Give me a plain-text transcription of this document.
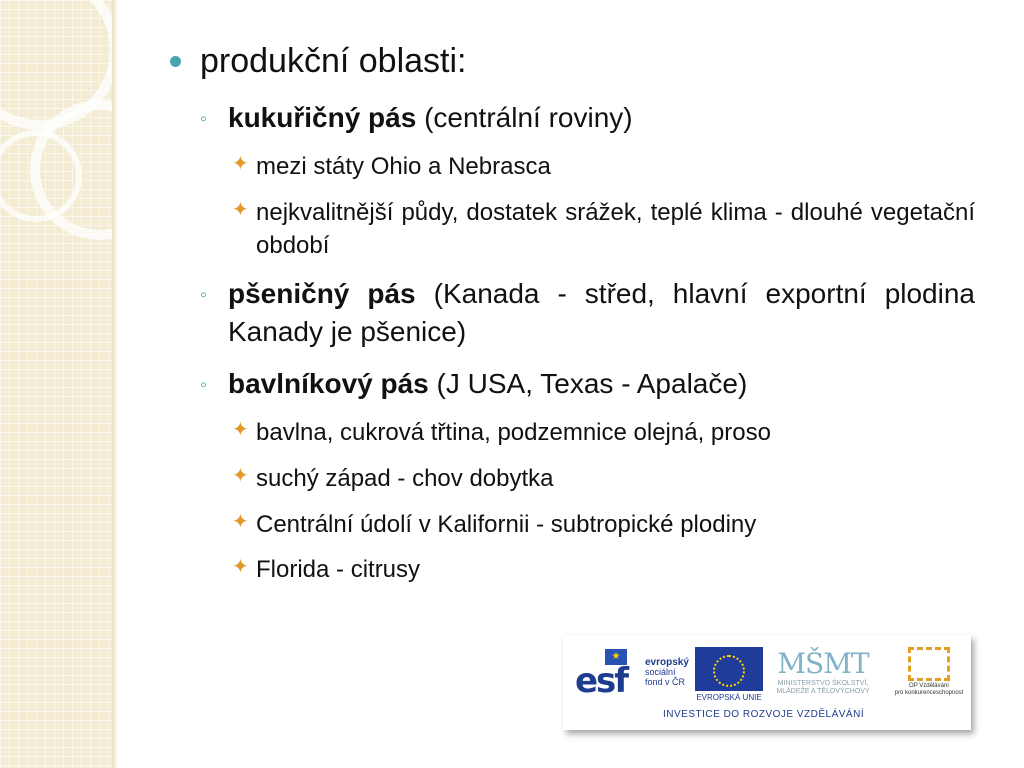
produkční oblasti:
◦ kukuřičný pás (centrální roviny)
✦ mezi státy Ohio a Nebrasca
✦ nejkvalitnější půdy, dostatek srážek, teplé klima - dlouhé vegetační období
◦ pšeničný pás (Kanada - střed, hlavní exportní plodina Kanady je pšenice)
◦ bavlníkový pás (J USA, Texas - Apalače)
✦ bavlna, cukrová třtina, podzemnice olejná, proso
✦ suchý západ - chov dobytka
✦ Centrální údolí v Kalifornii - subtropické plodiny
✦ Florida - citrusy
★
esf evropský
sociální
fond v ČR
EVROPSKÁ UNIE
MŠMT
MINISTERSTVO ŠKOLSTVÍ,
MLÁDEŽE A TĚLOVÝCHOVY
OP Vzdělávání
pro konkurenceschopnost
INVESTICE DO ROZVOJE VZDĚLÁVÁNÍ
